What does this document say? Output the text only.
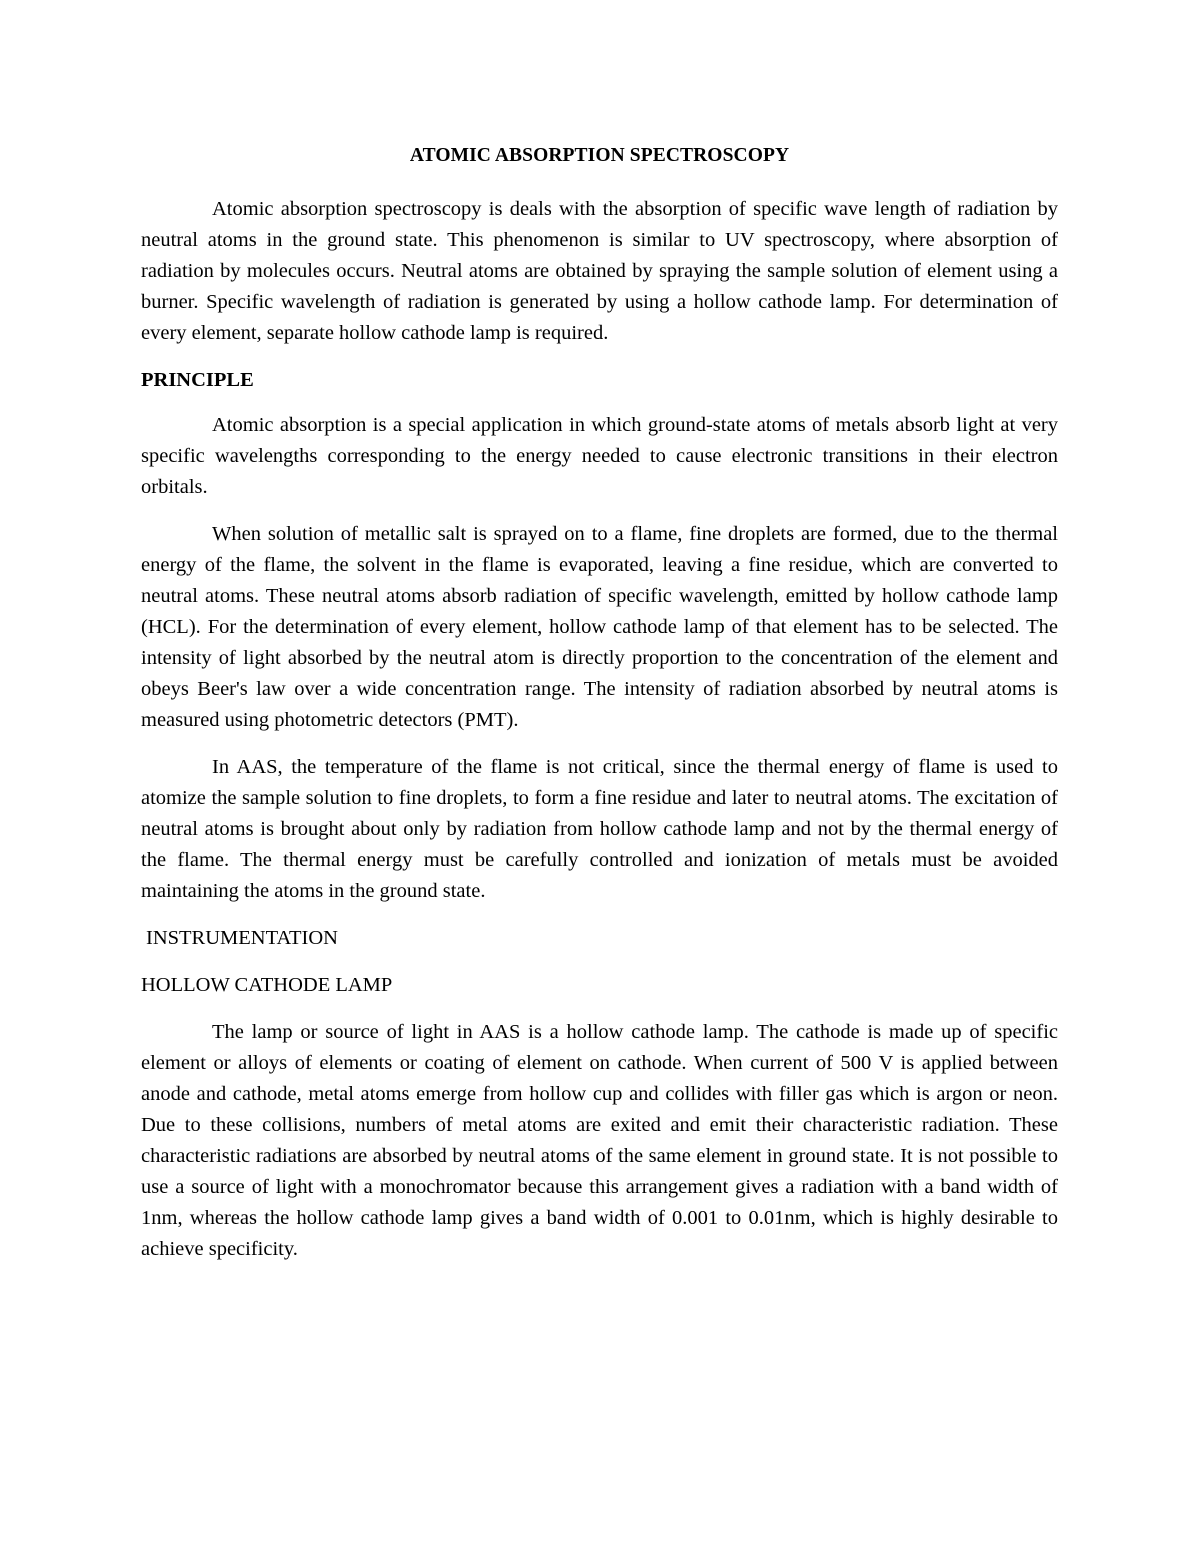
ATOMIC ABSORPTION SPECTROSCOPY

Atomic absorption spectroscopy is deals with the absorption of specific wave length of radiation by neutral atoms in the ground state. This phenomenon is similar to UV spectroscopy, where absorption of radiation by molecules occurs. Neutral atoms are obtained by spraying the sample solution of element using a burner. Specific wavelength of radiation is generated by using a hollow cathode lamp. For determination of every element, separate hollow cathode lamp is required.

PRINCIPLE

Atomic absorption is a special application in which ground-state atoms of metals absorb light at very specific wavelengths corresponding to the energy needed to cause electronic transitions in their electron orbitals.

When solution of metallic salt is sprayed on to a flame, fine droplets are formed, due to the thermal energy of the flame, the solvent in the flame is evaporated, leaving a fine residue, which are converted to neutral atoms. These neutral atoms absorb radiation of specific wavelength, emitted by hollow cathode lamp (HCL). For the determination of every element, hollow cathode lamp of that element has to be selected. The intensity of light absorbed by the neutral atom is directly proportion to the concentration of the element and obeys Beer's law over a wide concentration range. The intensity of radiation absorbed by neutral atoms is measured using photometric detectors (PMT).

In AAS, the temperature of the flame is not critical, since the thermal energy of flame is used to atomize the sample solution to fine droplets, to form a fine residue and later to neutral atoms. The excitation of neutral atoms is brought about only by radiation from hollow cathode lamp and not by the thermal energy of the flame. The thermal energy must be carefully controlled and ionization of metals must be avoided maintaining the atoms in the ground state.

INSTRUMENTATION
HOLLOW CATHODE LAMP

The lamp or source of light in AAS is a hollow cathode lamp. The cathode is made up of specific element or alloys of elements or coating of element on cathode. When current of 500 V is applied between anode and cathode, metal atoms emerge from hollow cup and collides with filler gas which is argon or neon. Due to these collisions, numbers of metal atoms are exited and emit their characteristic radiation. These characteristic radiations are absorbed by neutral atoms of the same element in ground state. It is not possible to use a source of light with a monochromator because this arrangement gives a radiation with a band width of 1nm, whereas the hollow cathode lamp gives a band width of 0.001 to 0.01nm, which is highly desirable to achieve specificity.
